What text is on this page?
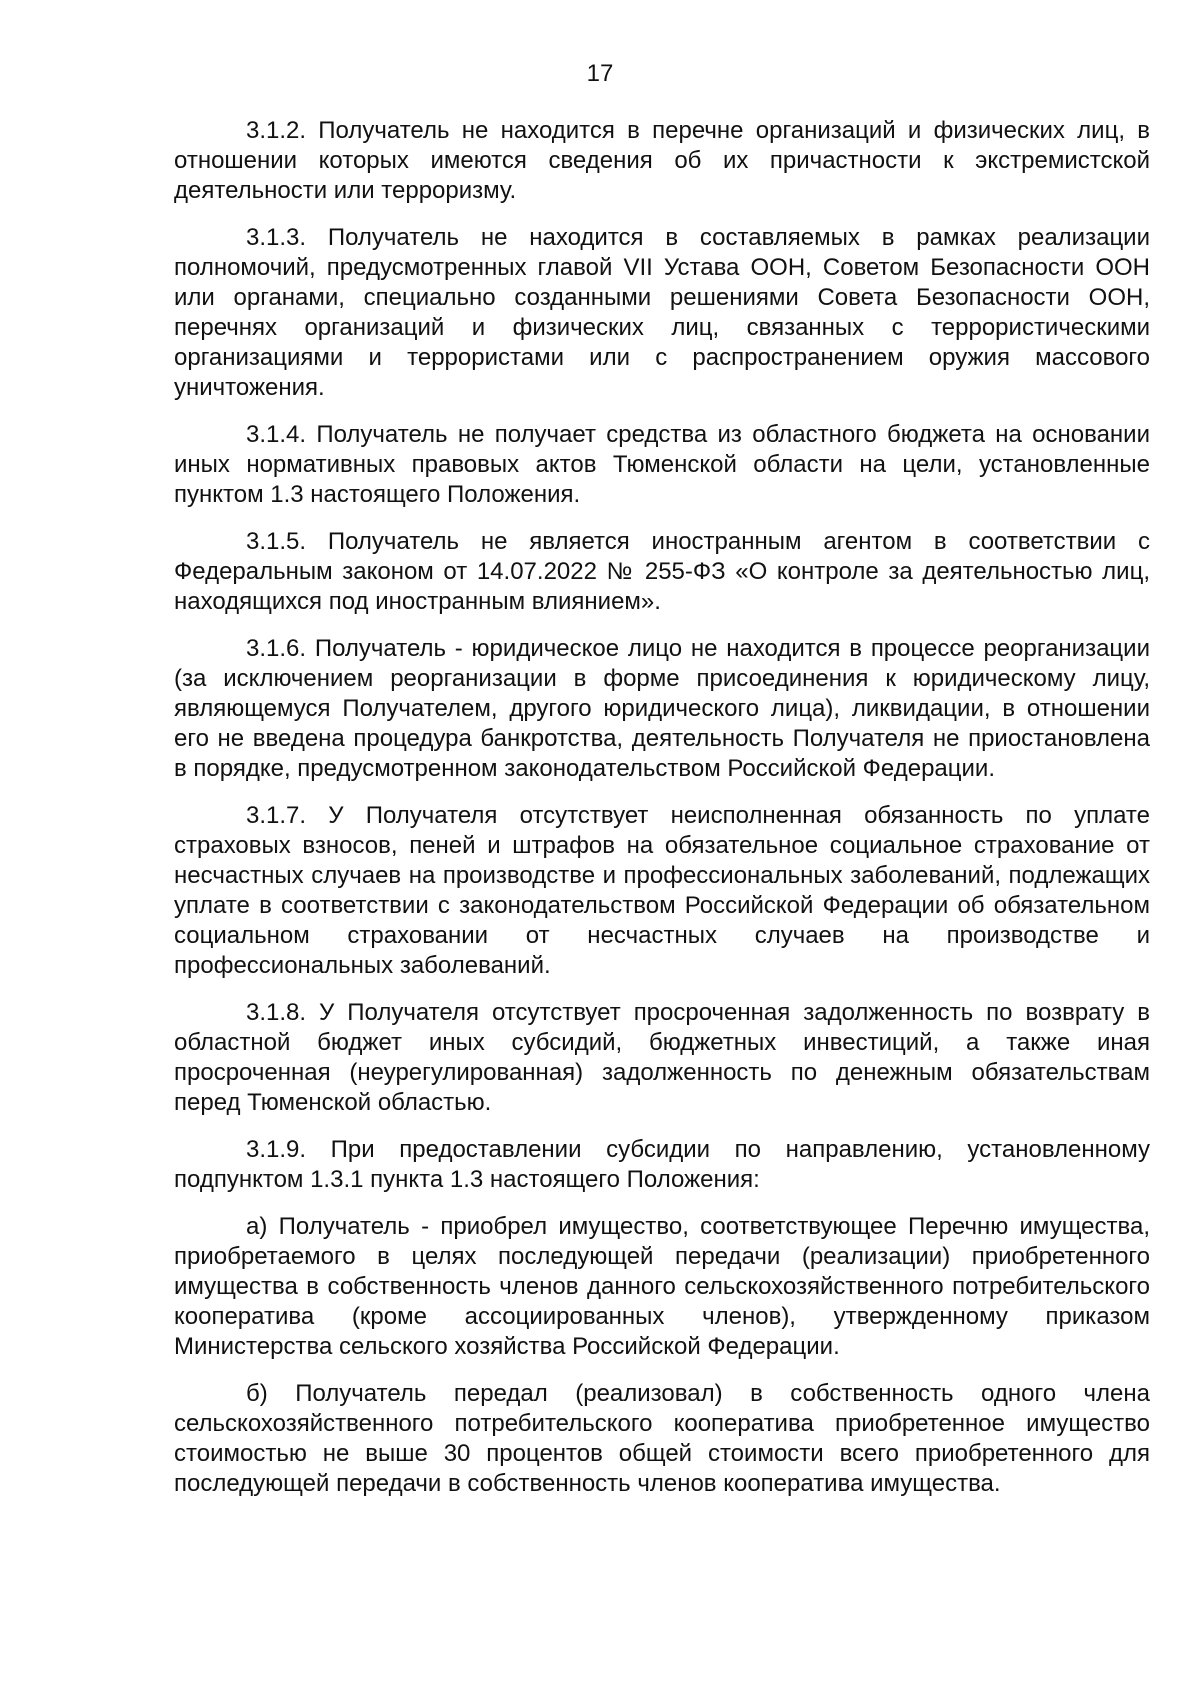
17

3.1.2. Получатель не находится в перечне организаций и физических лиц, в отношении которых имеются сведения об их причастности к экстремистской деятельности или терроризму.

3.1.3. Получатель не находится в составляемых в рамках реализации полномочий, предусмотренных главой VII Устава ООН, Советом Безопасности ООН или органами, специально созданными решениями Совета Безопасности ООН, перечнях организаций и физических лиц, связанных с террористическими организациями и террористами или с распространением оружия массового уничтожения.

3.1.4. Получатель не получает средства из областного бюджета на основании иных нормативных правовых актов Тюменской области на цели, установленные пунктом 1.3 настоящего Положения.

3.1.5. Получатель не является иностранным агентом в соответствии с Федеральным законом от 14.07.2022 № 255-ФЗ «О контроле за деятельностью лиц, находящихся под иностранным влиянием».

3.1.6. Получатель - юридическое лицо не находится в процессе реорганизации (за исключением реорганизации в форме присоединения к юридическому лицу, являющемуся Получателем, другого юридического лица), ликвидации, в отношении его не введена процедура банкротства, деятельность Получателя не приостановлена в порядке, предусмотренном законодательством Российской Федерации.

3.1.7. У Получателя отсутствует неисполненная обязанность по уплате страховых взносов, пеней и штрафов на обязательное социальное страхование от несчастных случаев на производстве и профессиональных заболеваний, подлежащих уплате в соответствии с законодательством Российской Федерации об обязательном социальном страховании от несчастных случаев на производстве и профессиональных заболеваний.

3.1.8. У Получателя отсутствует просроченная задолженность по возврату в областной бюджет иных субсидий, бюджетных инвестиций, а также иная просроченная (неурегулированная) задолженность по денежным обязательствам перед Тюменской областью.

3.1.9. При предоставлении субсидии по направлению, установленному подпунктом 1.3.1 пункта 1.3 настоящего Положения:

а) Получатель - приобрел имущество, соответствующее Перечню имущества, приобретаемого в целях последующей передачи (реализации) приобретенного имущества в собственность членов данного сельскохозяйственного потребительского кооператива (кроме ассоциированных членов), утвержденному приказом Министерства сельского хозяйства Российской Федерации.

б) Получатель передал (реализовал) в собственность одного члена сельскохозяйственного потребительского кооператива приобретенное имущество стоимостью не выше 30 процентов общей стоимости всего приобретенного для последующей передачи в собственность членов кооператива имущества.
